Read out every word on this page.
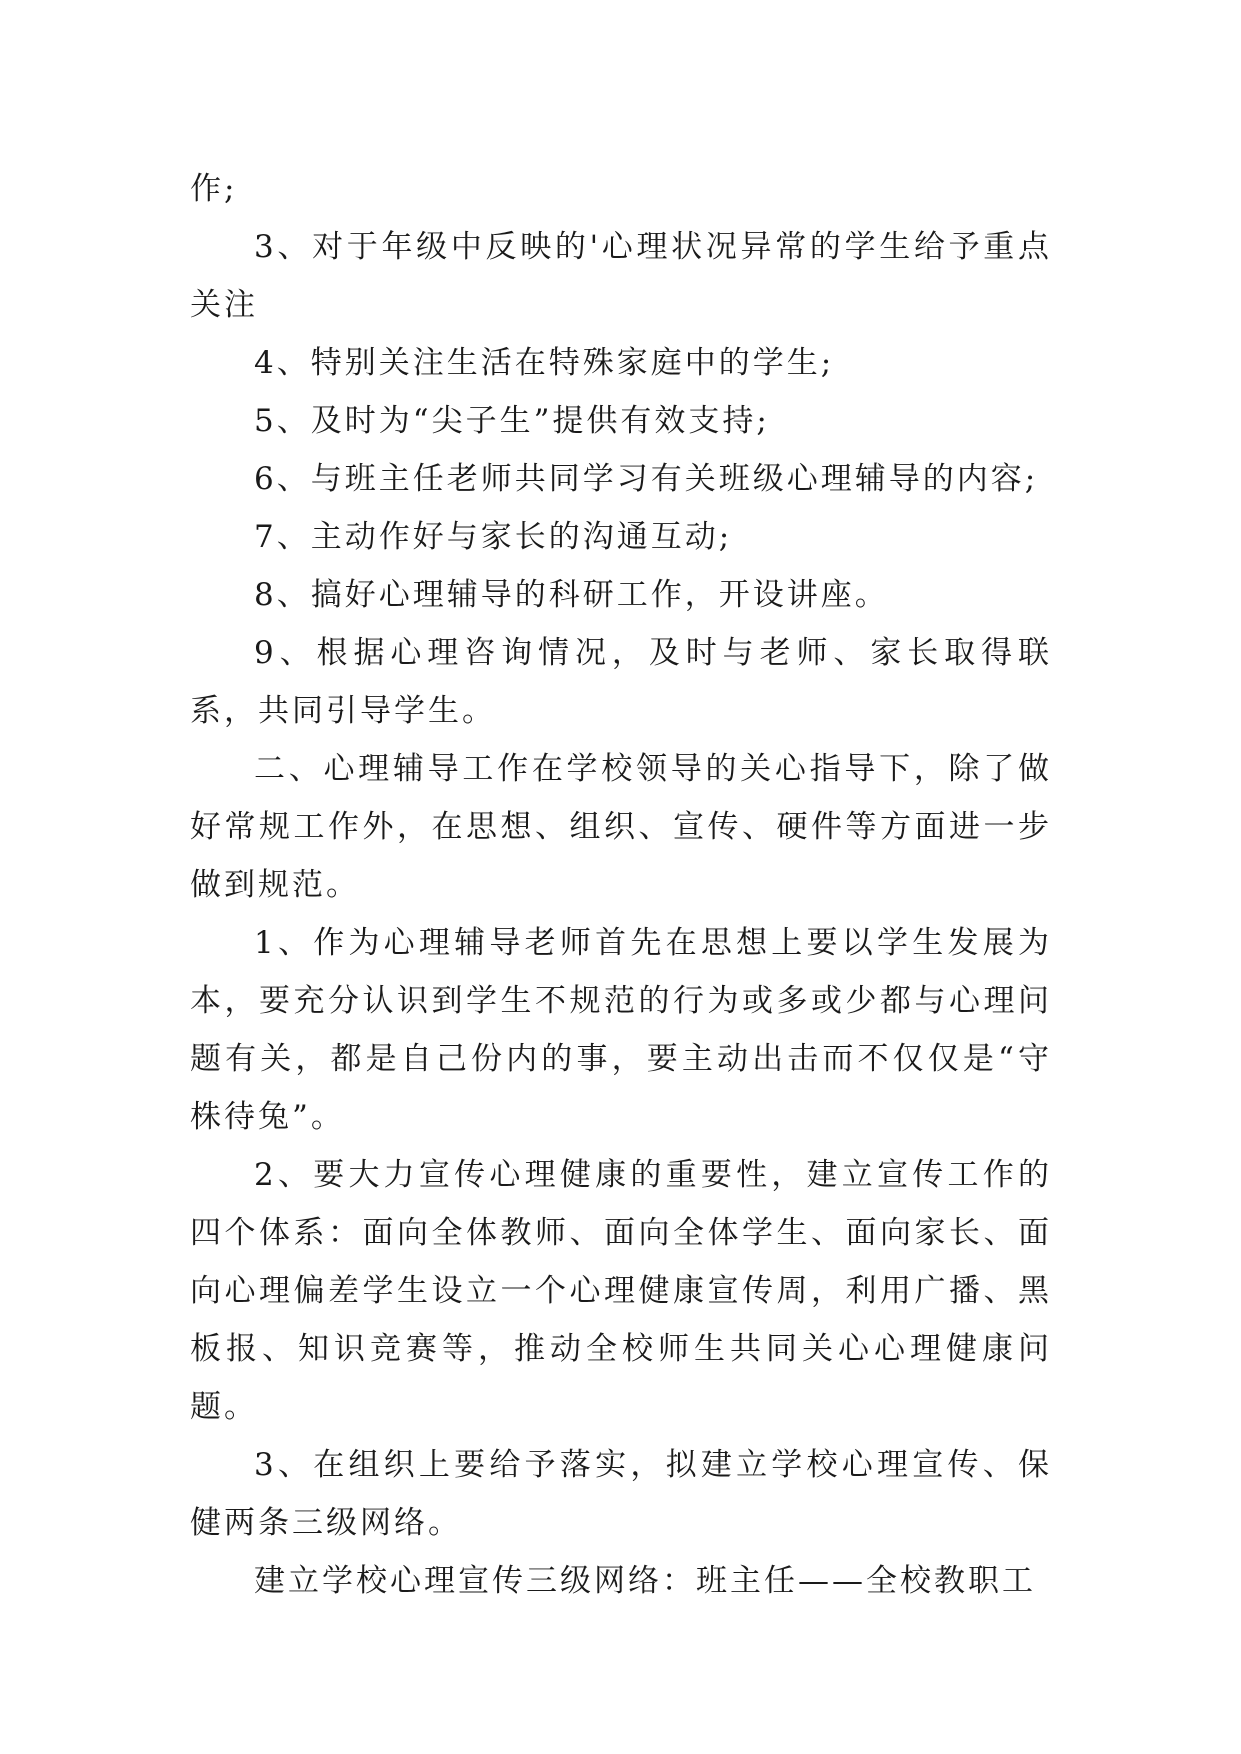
作;

3、对于年级中反映的'心理状况异常的学生给予重点关注

4、特别关注生活在特殊家庭中的学生;

5、及时为“尖子生”提供有效支持;

6、与班主任老师共同学习有关班级心理辅导的内容;

7、主动作好与家长的沟通互动;

8、搞好心理辅导的科研工作，开设讲座。

9、根据心理咨询情况，及时与老师、家长取得联系，共同引导学生。

二、心理辅导工作在学校领导的关心指导下，除了做好常规工作外，在思想、组织、宣传、硬件等方面进一步做到规范。

1、作为心理辅导老师首先在思想上要以学生发展为本，要充分认识到学生不规范的行为或多或少都与心理问题有关，都是自己份内的事，要主动出击而不仅仅是“守株待兔”。

2、要大力宣传心理健康的重要性，建立宣传工作的四个体系：面向全体教师、面向全体学生、面向家长、面向心理偏差学生设立一个心理健康宣传周，利用广播、黑板报、知识竞赛等，推动全校师生共同关心心理健康问题。

3、在组织上要给予落实，拟建立学校心理宣传、保健两条三级网络。

建立学校心理宣传三级网络：班主任——全校教职工
